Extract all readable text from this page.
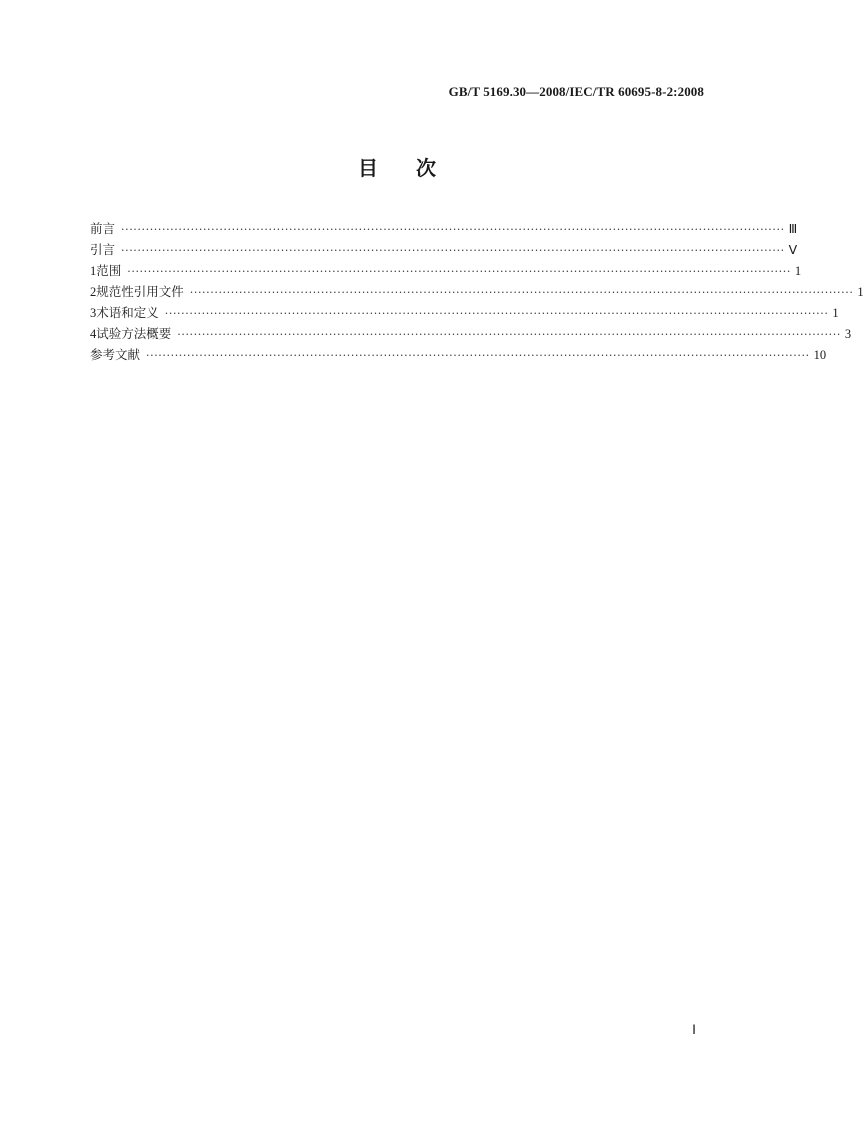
GB/T 5169.30—2008/IEC/TR 60695-8-2:2008
目次
前言 ·································································································································································· Ⅲ
引言 ·································································································································································· Ⅴ
1 范围 ·································································································································································· 1
2 规范性引用文件 ·································································································································································· 1
3 术语和定义 ·································································································································································· 1
4 试验方法概要 ·································································································································································· 3
参考文献 ·································································································································································· 10
Ⅰ
